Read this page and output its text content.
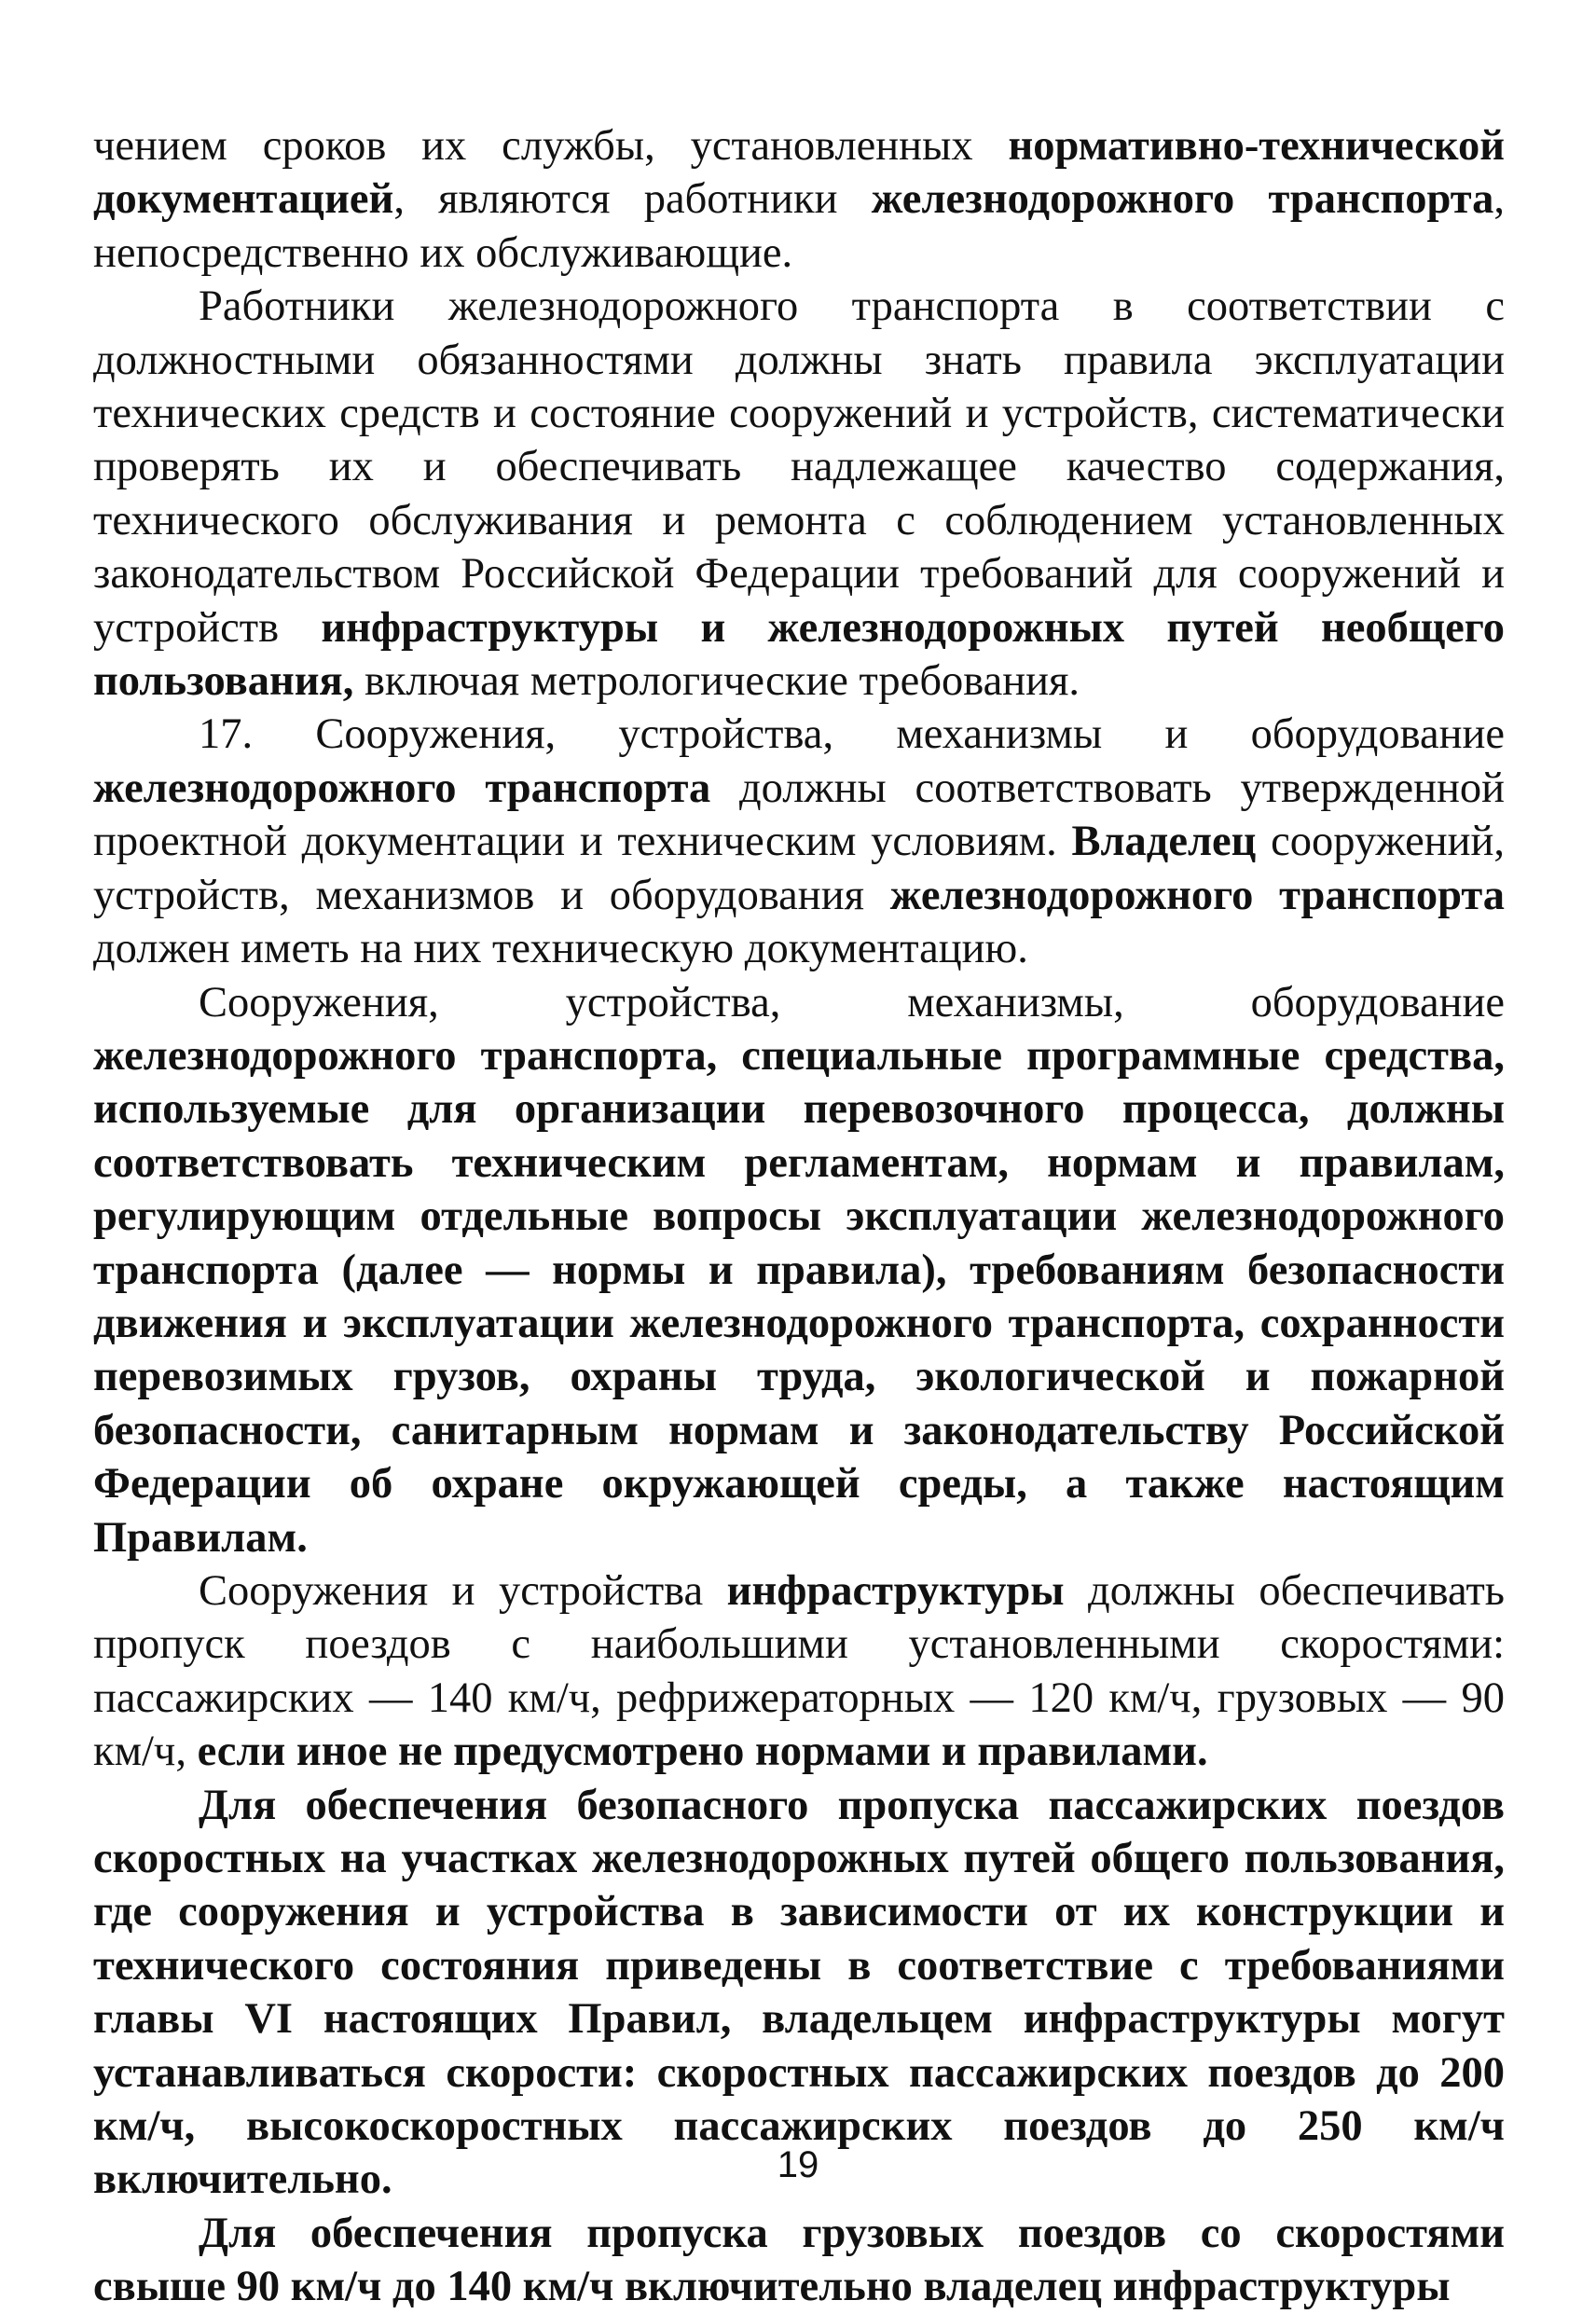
чением сроков их службы, установленных нормативно-технической документацией, являются работники железнодорожного транспорта, непосредственно их обслуживающие.

Работники железнодорожного транспорта в соответствии с должностными обязанностями должны знать правила эксплуатации технических средств и состояние сооружений и устройств, систематически проверять их и обеспечивать надлежащее качество содержания, технического обслуживания и ремонта с соблюдением установленных законодательством Российской Федерации требований для сооружений и устройств инфраструктуры и железнодорожных путей необщего пользования, включая метрологические требования.

17. Сооружения, устройства, механизмы и оборудование железнодорожного транспорта должны соответствовать утвержденной проектной документации и техническим условиям. Владелец сооружений, устройств, механизмов и оборудования железнодорожного транспорта должен иметь на них техническую документацию.

Сооружения, устройства, механизмы, оборудование железнодорожного транспорта, специальные программные средства, используемые для организации перевозочного процесса, должны соответствовать техническим регламентам, нормам и правилам, регулирующим отдельные вопросы эксплуатации железнодорожного транспорта (далее — нормы и правила), требованиям безопасности движения и эксплуатации железнодорожного транспорта, сохранности перевозимых грузов, охраны труда, экологической и пожарной безопасности, санитарным нормам и законодательству Российской Федерации об охране окружающей среды, а также настоящим Правилам.

Сооружения и устройства инфраструктуры должны обеспечивать пропуск поездов с наибольшими установленными скоростями: пассажирских — 140 км/ч, рефрижераторных — 120 км/ч, грузовых — 90 км/ч, если иное не предусмотрено нормами и правилами.

Для обеспечения безопасного пропуска пассажирских поездов скоростных на участках железнодорожных путей общего пользования, где сооружения и устройства в зависимости от их конструкции и технического состояния приведены в соответствие с требованиями главы VI настоящих Правил, владельцем инфраструктуры могут устанавливаться скорости: скоростных пассажирских поездов до 200 км/ч, высокоскоростных пассажирских поездов до 250 км/ч включительно.

Для обеспечения пропуска грузовых поездов со скоростями свыше 90 км/ч до 140 км/ч включительно владелец инфраструктуры

19
